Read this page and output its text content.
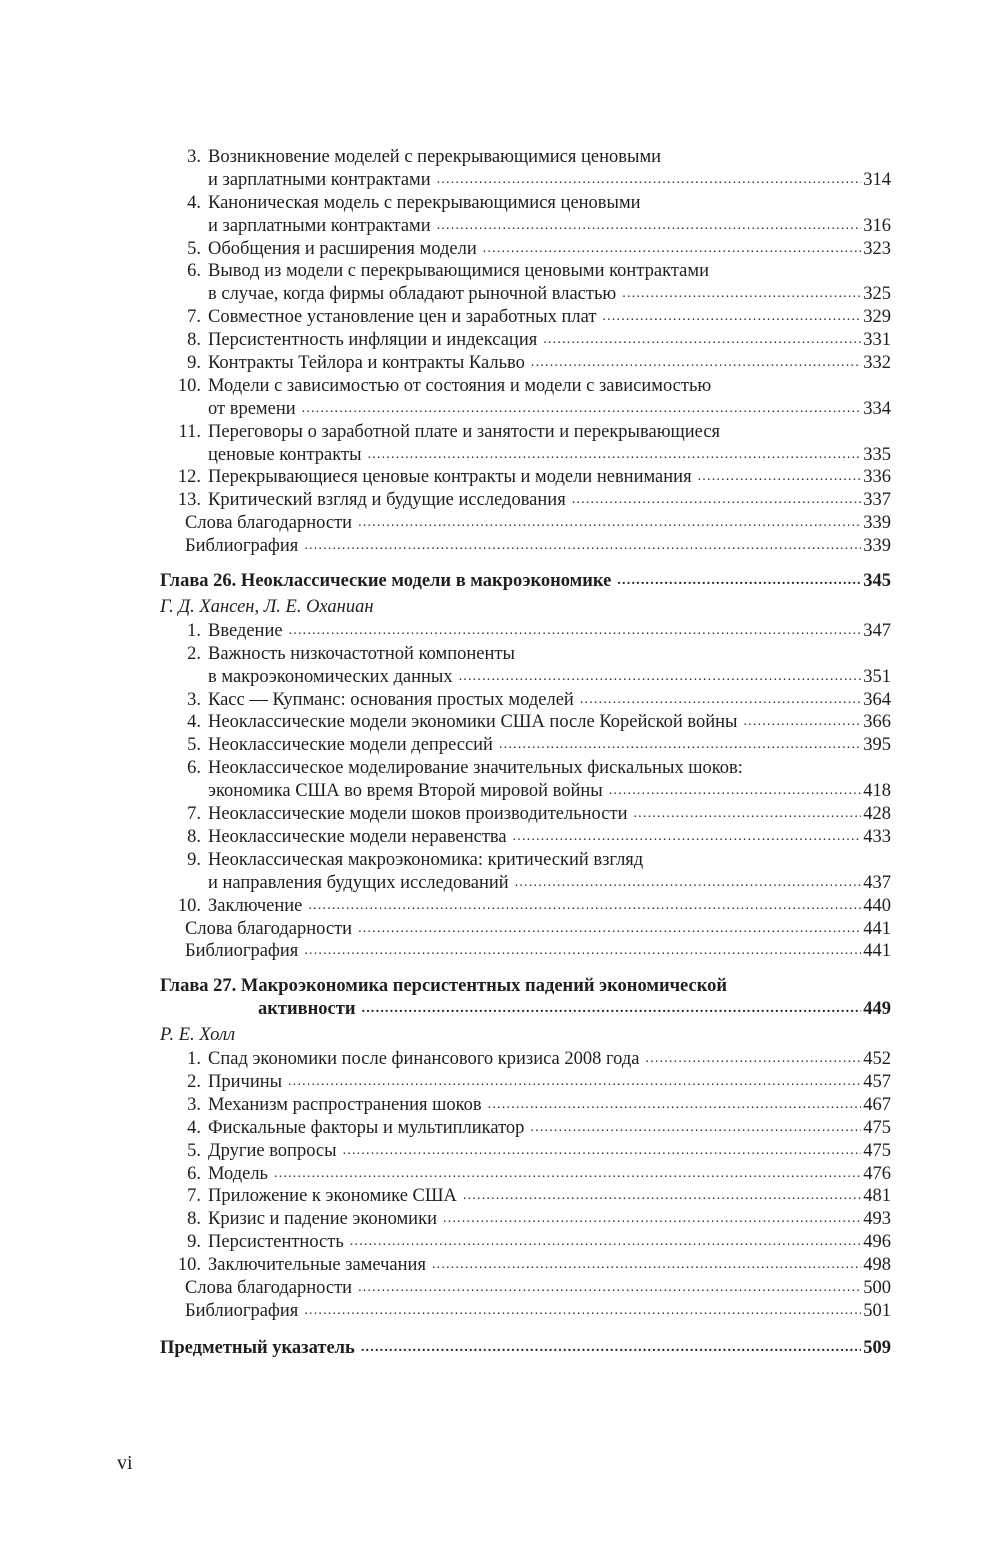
3. Возникновение моделей с перекрывающимися ценовыми
и зарплатными контрактами .....	314
4. Каноническая модель с перекрывающимися ценовыми
и зарплатными контрактами .....	316
5. Обобщения и расширения модели .....	323
6. Вывод из модели с перекрывающимися ценовыми контрактами
в случае, когда фирмы обладают рыночной властью .....	325
7. Совместное установление цен и заработных плат .....	329
8. Персистентность инфляции и индексация .....	331
9. Контракты Тейлора и контракты Кальво .....	332
10. Модели с зависимостью от состояния и модели с зависимостью
от времени .....	334
11. Переговоры о заработной плате и занятости и перекрывающиеся
ценовые контракты .....	335
12. Перекрывающиеся ценовые контракты и модели невнимания .....	336
13. Критический взгляд и будущие исследования .....	337
Слова благодарности .....	339
Библиография .....	339
Глава 26. Неоклассические модели в макроэкономике .....	345
Г. Д. Хансен, Л. Е. Оханиан
1. Введение .....	347
2. Важность низкочастотной компоненты
в макроэкономических данных .....	351
3. Касс — Купманс: основания простых моделей .....	364
4. Неоклассические модели экономики США после Корейской войны .....	366
5. Неоклассические модели депрессий .....	395
6. Неоклассическое моделирование значительных фискальных шоков:
экономика США во время Второй мировой войны .....	418
7. Неоклассические модели шоков производительности .....	428
8. Неоклассические модели неравенства .....	433
9. Неоклассическая макроэкономика: критический взгляд
и направления будущих исследований .....	437
10. Заключение .....	440
Слова благодарности .....	441
Библиография .....	441
Глава 27. Макроэкономика персистентных падений экономической
активности .....	449
Р. Е. Холл
1. Спад экономики после финансового кризиса 2008 года .....	452
2. Причины .....	457
3. Механизм распространения шоков .....	467
4. Фискальные факторы и мультипликатор .....	475
5. Другие вопросы .....	475
6. Модель .....	476
7. Приложение к экономике США .....	481
8. Кризис и падение экономики .....	493
9. Персистентность .....	496
10. Заключительные замечания .....	498
Слова благодарности .....	500
Библиография .....	501
Предметный указатель .....	509
vi
